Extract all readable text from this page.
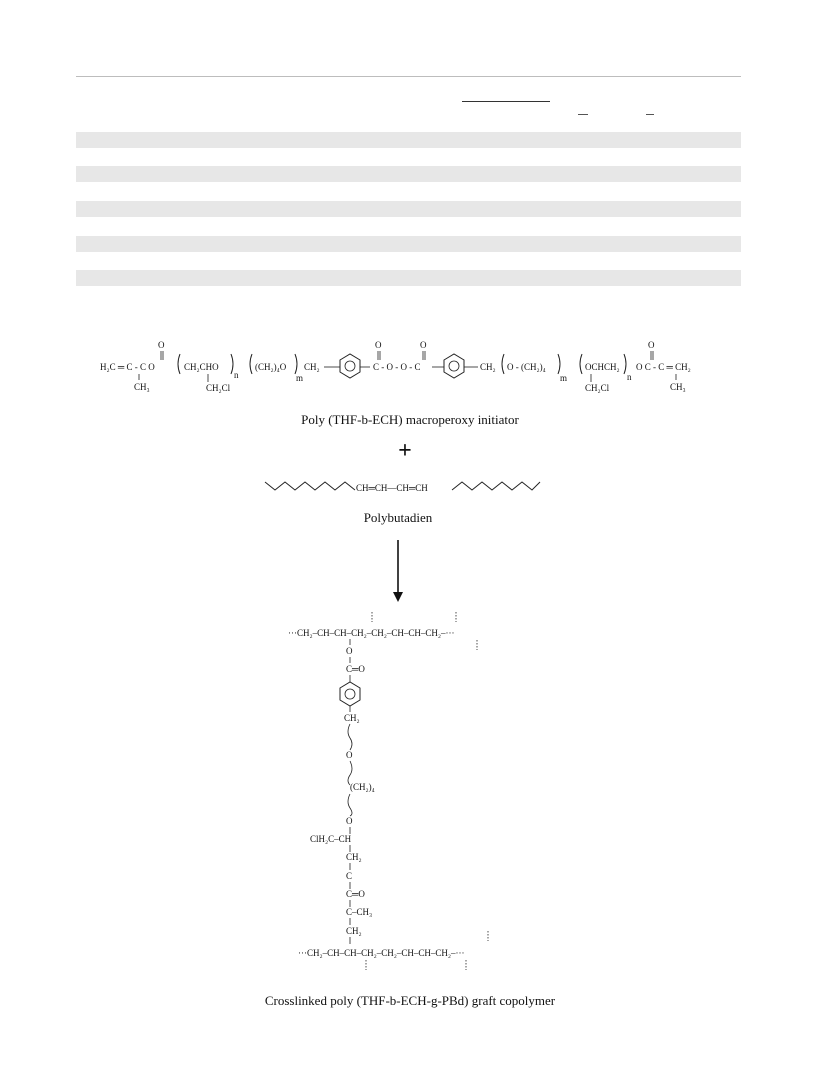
H₂C ═ C - C O
CH₃
O
CH₂CHO
CH₂Cl
n
(CH₂)₄O
m
CH₂
O
C - O - O - C
O
CH₂ O - (CH₂)₄
m
OCHCH₂
CH₂Cl
n
O
O C - C ═ CH₂
CH₃
Poly (THF-b-ECH) macroperoxy initiator
+
CH═CH—CH═CH
Polybutadien
···CH₂–CH–CH–CH₂–CH₂–CH–CH–CH₂–···
O
C═O
CH₂
O
(CH₂)₄
O
ClH₂C–CH
CH₂
C
C═O
C–CH₃
CH₂
···CH₂–CH–CH–CH₂–CH₂–CH–CH–CH₂–···
Crosslinked poly (THF-b-ECH-g-PBd) graft copolymer
